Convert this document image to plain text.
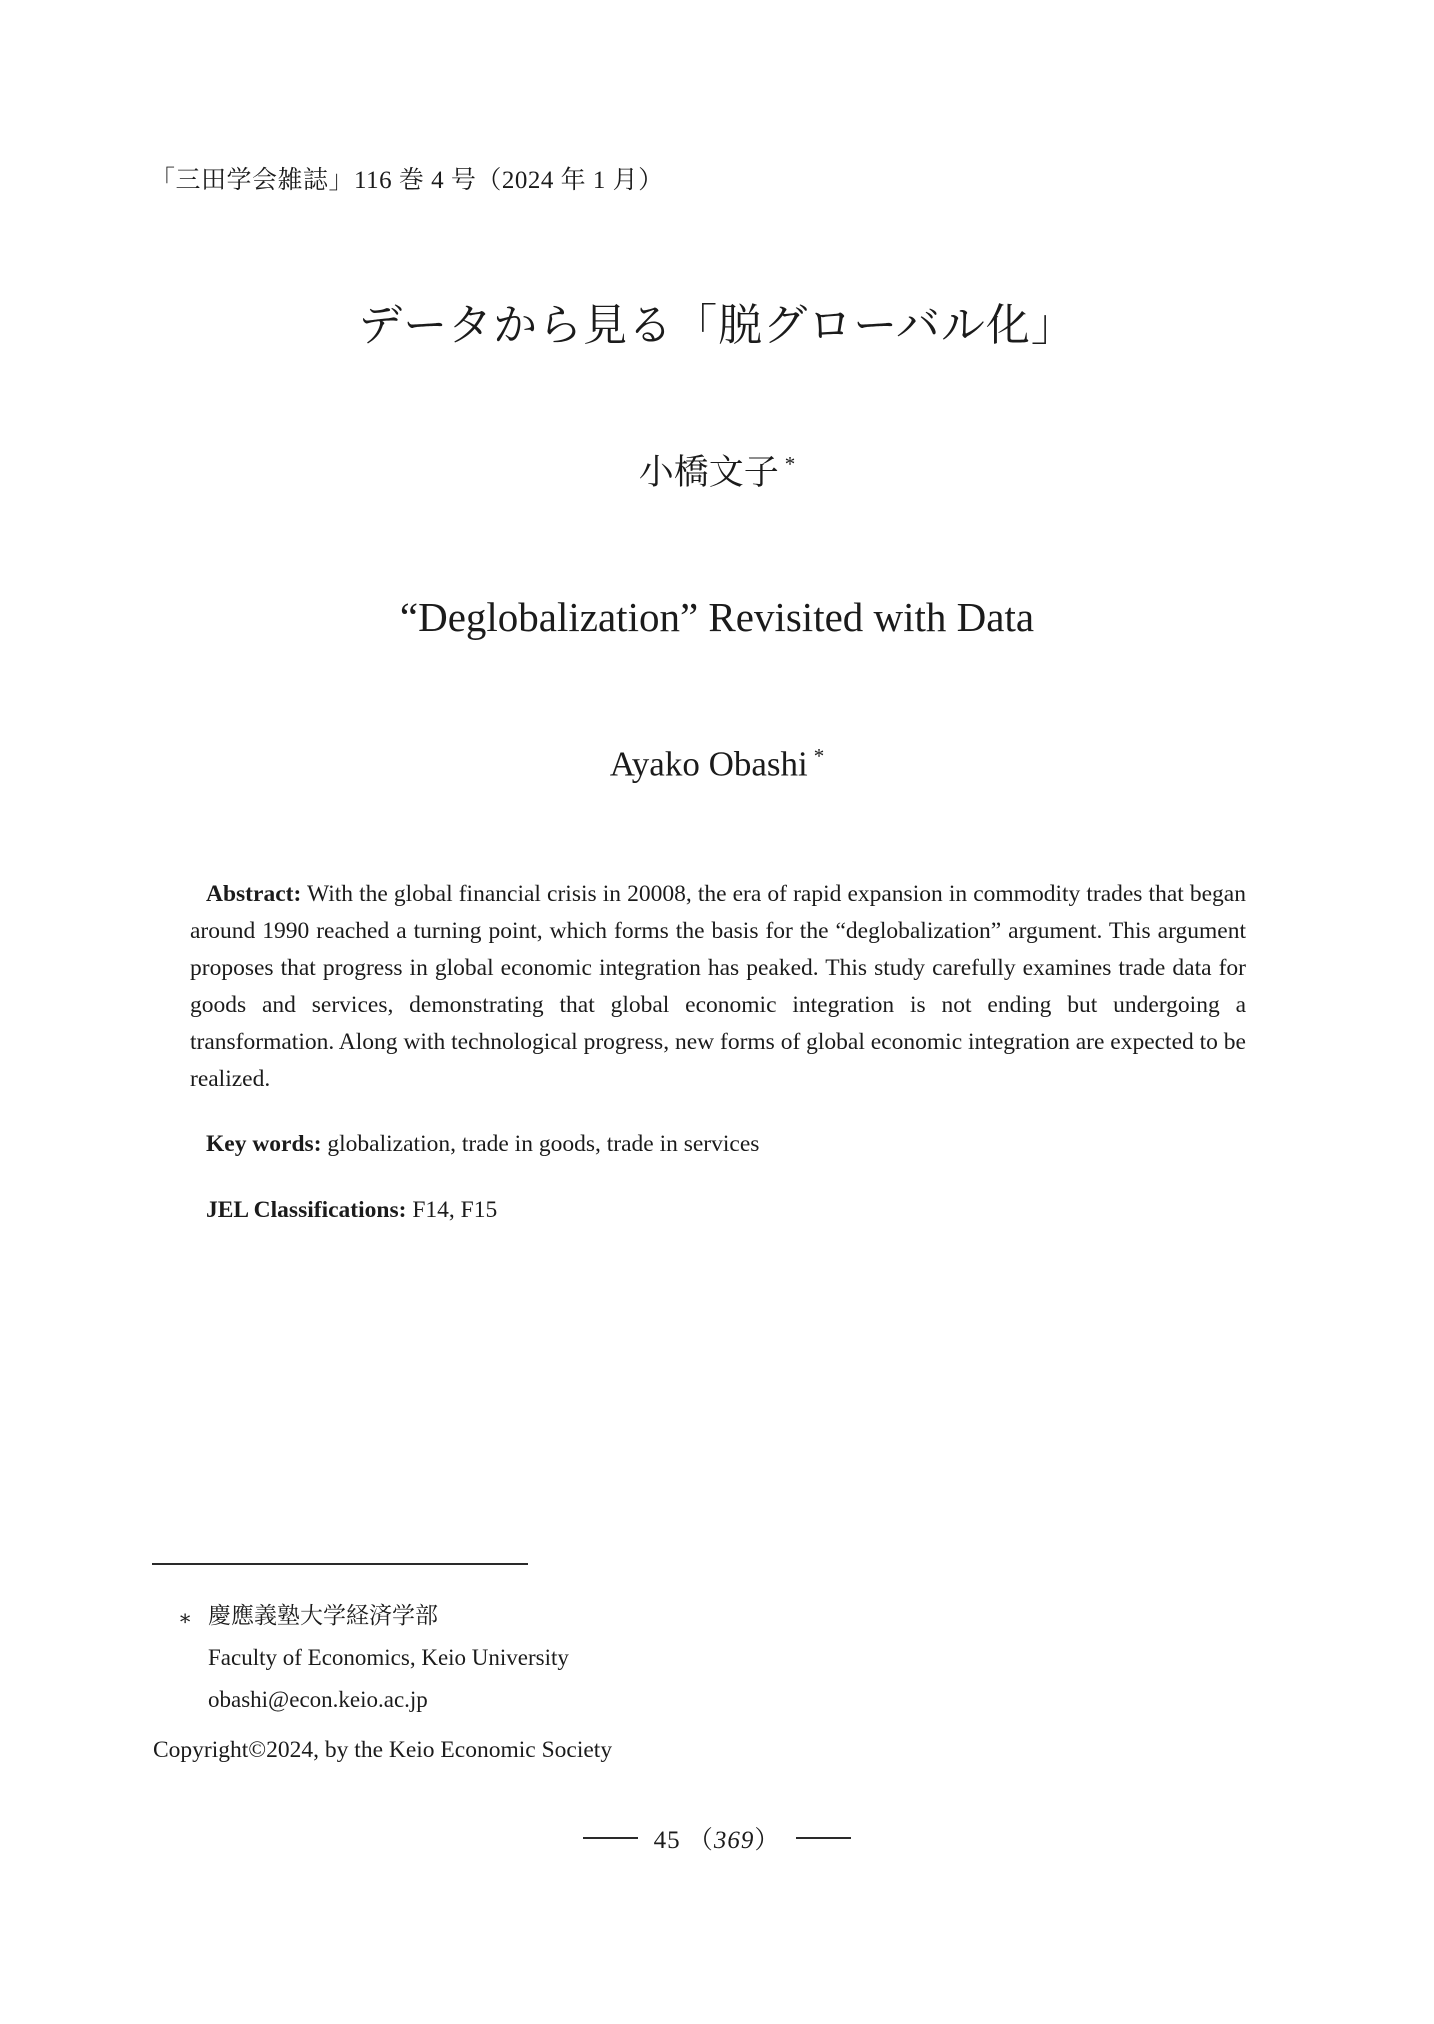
「三田学会雑誌」116 巻 4 号（2024 年 1 月）
データから見る「脱グローバル化」
小橋文子 *
“Deglobalization” Revisited with Data
Ayako Obashi *

Abstract: With the global financial crisis in 20008, the era of rapid expansion in commodity trades that began around 1990 reached a turning point, which forms the basis for the “deglobalization” argument. This argument proposes that progress in global economic integration has peaked. This study carefully examines trade data for goods and services, demonstrating that global economic integration is not ending but undergoing a transformation. Along with technological progress, new forms of global economic integration are expected to be realized.

Key words: globalization, trade in goods, trade in services

JEL Classifications: F14, F15

∗ 慶應義塾大学経済学部
Faculty of Economics, Keio University
obashi@econ.keio.ac.jp
Copyright©2024, by the Keio Economic Society
45 （369）
